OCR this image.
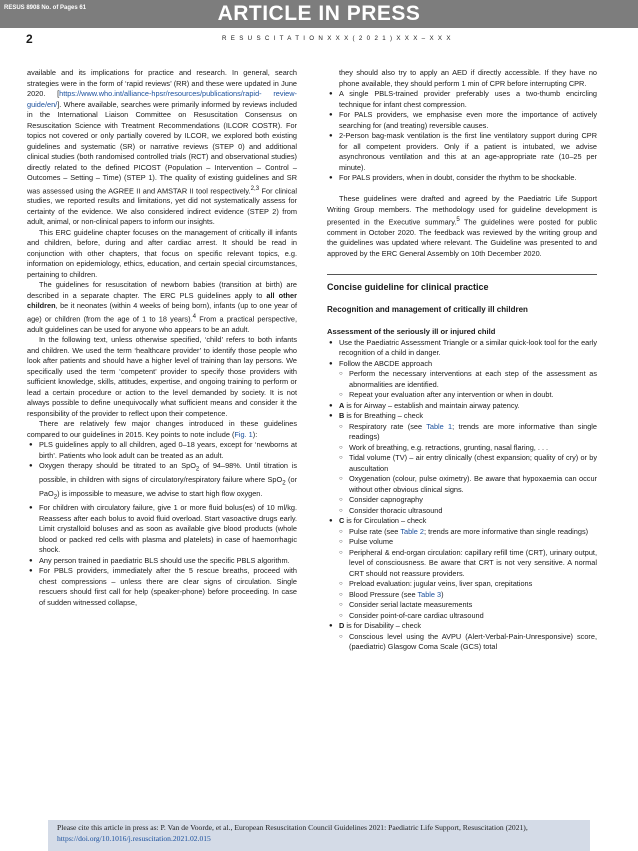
RESUS 8908 No. of Pages 61	ARTICLE IN PRESS
2	R E S U S C I T A T I O N X X X ( 2 0 2 1 ) X X X – X X X

available and its implications for practice and research. In general, search strategies were in the form of ‘rapid reviews’ (RR) and these were updated in June 2020. [https://www.who.int/alliance-hpsr/resources/publications/rapid- review-guide/en/]. Where available, searches were primarily informed by reviews included in the International Liaison Committee on Resuscitation Consensus on Resuscitation Science with Treatment Recommendations (ILCOR COSTR). For topics not covered or only partially covered by ILCOR, we explored both existing guidelines and systematic (SR) or narrative reviews (STEP 0) and additional clinical studies (both randomised controlled trials (RCT) and observational studies) directly related to the defined PICOST (Population – Intervention – Control – Outcomes – Setting – Time) (STEP 1). The quality of existing guidelines and SR was assessed using the AGREE II and AMSTAR II tool respectively.$^{2,3}$ For clinical studies, we reported results and limitations, yet did not systematically assess for certainty of the evidence. We also considered indirect evidence (STEP 2) from adult, animal, or non-clinical papers to inform our insights.

This ERC guideline chapter focuses on the management of critically ill infants and children, before, during and after cardiac arrest. It should be read in conjunction with other chapters, that focus on specific relevant topics, e.g. information on epidemiology, ethics, education, and certain special circumstances, pertaining to children.

The guidelines for resuscitation of newborn babies (transition at birth) are described in a separate chapter. The ERC PLS guidelines apply to all other children, be it neonates (within 4 weeks of being born), infants (up to one year of age) or children (from the age of 1 to 18 years).$^4$ From a practical perspective, adult guidelines can be used for anyone who appears to be an adult.

In the following text, unless otherwise specified, ‘child’ refers to both infants and children. We used the term ‘healthcare provider’ to identify those people who look after patients and should have a higher level of training than lay persons. We specifically used the term ‘competent’ provider to specify those providers with sufficient knowledge, skills, attitudes, expertise, and ongoing training to perform or lead a certain procedure or action to the level demanded by society. It is not always possible to define unequivocally what sufficient means and consider it the responsibility of the provider to reflect upon their competence.

There are relatively few major changes introduced in these guidelines compared to our guidelines in 2015. Key points to note include (Fig. 1):

● PLS guidelines apply to all children, aged 0–18 years, except for ‘newborns at birth’. Patients who look adult can be treated as an adult.
● Oxygen therapy should be titrated to an SpO$_2$ of 94–98%. Until titration is possible, in children with signs of circulatory/respiratory failure where SpO$_2$ (or PaO$_2$) is impossible to measure, we advise to start high flow oxygen.
● For children with circulatory failure, give 1 or more fluid bolus(es) of 10 ml/kg. Reassess after each bolus to avoid fluid overload. Start vasoactive drugs early. Limit crystalloid boluses and as soon as available give blood products (whole blood or packed red cells with plasma and platelets) in case of haemorrhagic shock.
● Any person trained in paediatric BLS should use the specific PBLS algorithm.
● For PBLS providers, immediately after the 5 rescue breaths, proceed with chest compressions – unless there are clear signs of circulation. Single rescuers should first call for help (speaker-phone) before proceeding. In case of sudden witnessed collapse,
they should also try to apply an AED if directly accessible. If they have no phone available, they should perform 1 min of CPR before interrupting CPR.
● A single PBLS-trained provider preferably uses a two-thumb encircling technique for infant chest compression.
● For PALS providers, we emphasise even more the importance of actively searching for (and treating) reversible causes.
● 2-Person bag-mask ventilation is the first line ventilatory support during CPR for all competent providers. Only if a patient is intubated, we advise asynchronous ventilation and this at an age-appropriate rate (10–25 per minute).
● For PALS providers, when in doubt, consider the rhythm to be shockable.

These guidelines were drafted and agreed by the Paediatric Life Support Writing Group members. The methodology used for guideline development is presented in the Executive summary.$^5$ The guidelines were posted for public comment in October 2020. The feedback was reviewed by the writing group and the guidelines was updated where relevant. The Guideline was presented to and approved by the ERC General Assembly on 10th December 2020.

Concise guideline for clinical practice
Recognition and management of critically ill children
Assessment of the seriously ill or injured child
● Use the Paediatric Assessment Triangle or a similar quick-look tool for the early recognition of a child in danger.
● Follow the ABCDE approach
○ Perform the necessary interventions at each step of the assessment as abnormalities are identified.
○ Repeat your evaluation after any intervention or when in doubt.
● A is for Airway – establish and maintain airway patency.
● B is for Breathing – check
○ Respiratory rate (see Table 1; trends are more informative than single readings)
○ Work of breathing, e.g. retractions, grunting, nasal flaring, . . .
○ Tidal volume (TV) – air entry clinically (chest expansion; quality of cry) or by auscultation
○ Oxygenation (colour, pulse oximetry). Be aware that hypoxaemia can occur without other obvious clinical signs.
○ Consider capnography
○ Consider thoracic ultrasound
● C is for Circulation – check
○ Pulse rate (see Table 2; trends are more informative than single readings)
○ Pulse volume
○ Peripheral & end-organ circulation: capillary refill time (CRT), urinary output, level of consciousness. Be aware that CRT is not very sensitive. A normal CRT should not reassure providers.
○ Preload evaluation: jugular veins, liver span, crepitations
○ Blood Pressure (see Table 3)
○ Consider serial lactate measurements
○ Consider point-of-care cardiac ultrasound
● D is for Disability – check
○ Conscious level using the AVPU (Alert-Verbal-Pain-Unresponsive) score, (paediatric) Glasgow Coma Scale (GCS) total
Please cite this article in press as: P. Van de Voorde, et al., European Resuscitation Council Guidelines 2021: Paediatric Life Support, Resuscitation (2021), https://doi.org/10.1016/j.resuscitation.2021.02.015
